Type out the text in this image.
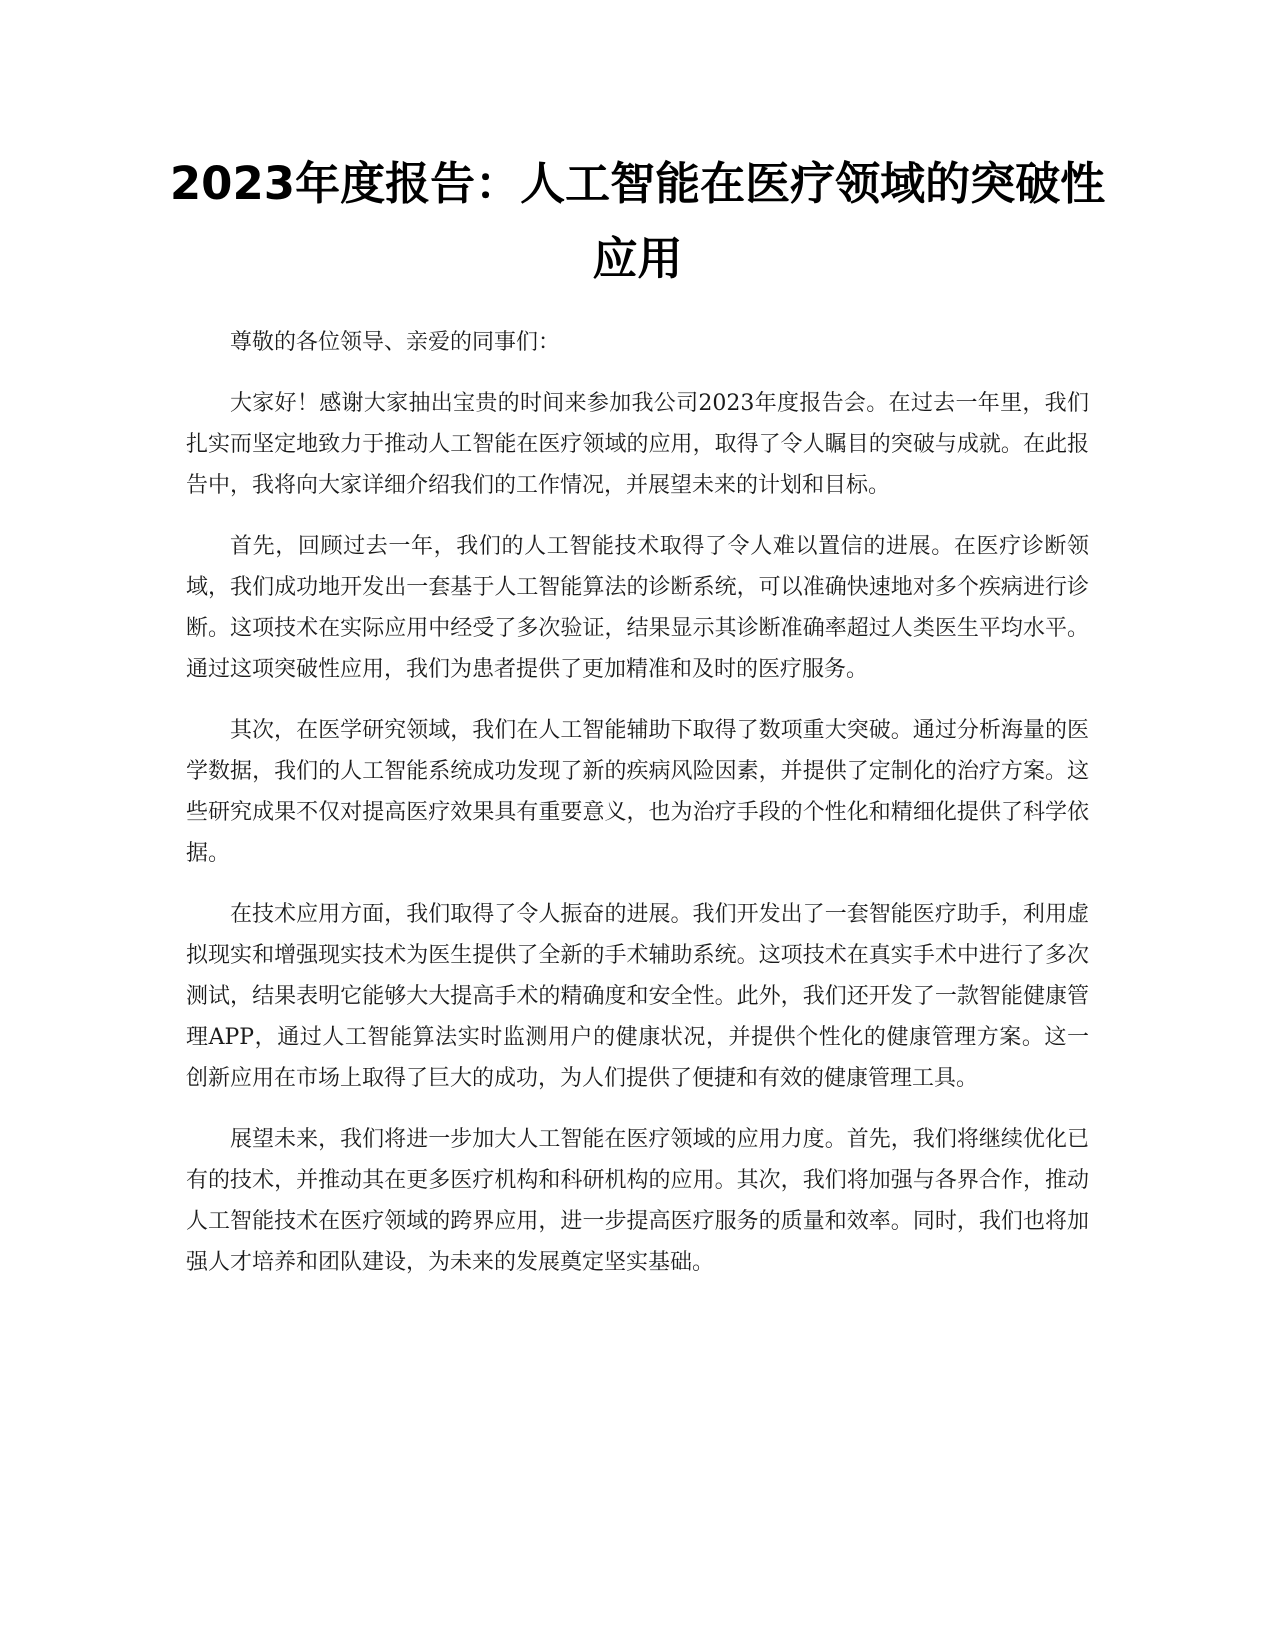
2023年度报告：人工智能在医疗领域的突破性应用

尊敬的各位领导、亲爱的同事们：

大家好！感谢大家抽出宝贵的时间来参加我公司2023年度报告会。在过去一年里，我们扎实而坚定地致力于推动人工智能在医疗领域的应用，取得了令人瞩目的突破与成就。在此报告中，我将向大家详细介绍我们的工作情况，并展望未来的计划和目标。

首先，回顾过去一年，我们的人工智能技术取得了令人难以置信的进展。在医疗诊断领域，我们成功地开发出一套基于人工智能算法的诊断系统，可以准确快速地对多个疾病进行诊断。这项技术在实际应用中经受了多次验证，结果显示其诊断准确率超过人类医生平均水平。通过这项突破性应用，我们为患者提供了更加精准和及时的医疗服务。

其次，在医学研究领域，我们在人工智能辅助下取得了数项重大突破。通过分析海量的医学数据，我们的人工智能系统成功发现了新的疾病风险因素，并提供了定制化的治疗方案。这些研究成果不仅对提高医疗效果具有重要意义，也为治疗手段的个性化和精细化提供了科学依据。

在技术应用方面，我们取得了令人振奋的进展。我们开发出了一套智能医疗助手，利用虚拟现实和增强现实技术为医生提供了全新的手术辅助系统。这项技术在真实手术中进行了多次测试，结果表明它能够大大提高手术的精确度和安全性。此外，我们还开发了一款智能健康管理APP，通过人工智能算法实时监测用户的健康状况，并提供个性化的健康管理方案。这一创新应用在市场上取得了巨大的成功，为人们提供了便捷和有效的健康管理工具。

展望未来，我们将进一步加大人工智能在医疗领域的应用力度。首先，我们将继续优化已有的技术，并推动其在更多医疗机构和科研机构的应用。其次，我们将加强与各界合作，推动人工智能技术在医疗领域的跨界应用，进一步提高医疗服务的质量和效率。同时，我们也将加强人才培养和团队建设，为未来的发展奠定坚实基础。
